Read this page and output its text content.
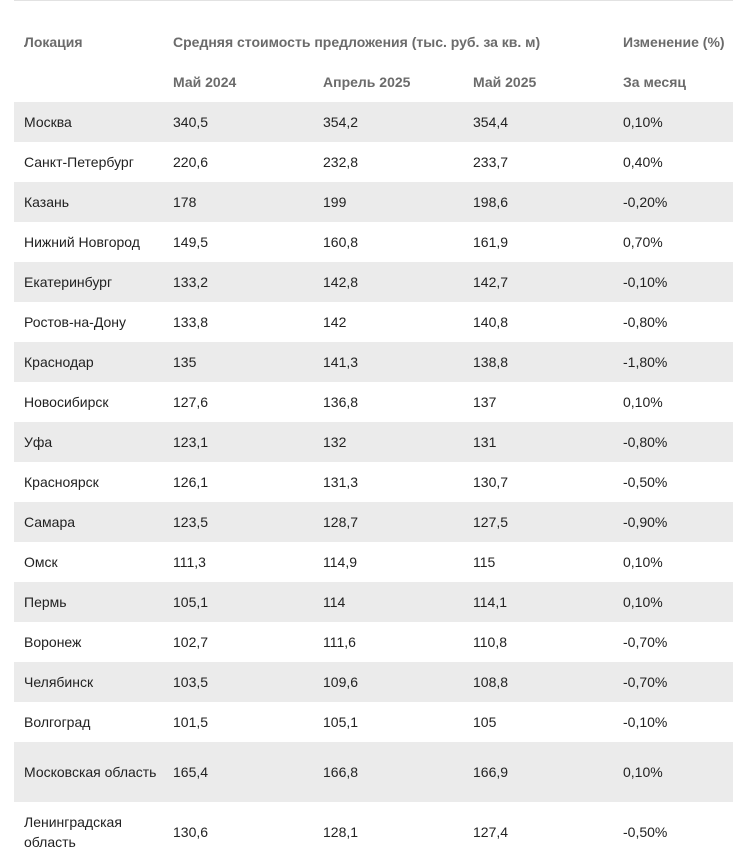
Локация	Средняя стоимость предложения (тыс. руб. за кв. м)			Изменение (%)
	Май 2024	Апрель 2025	Май 2025	За месяц
Москва	340,5	354,2	354,4	0,10%
Санкт-Петербург	220,6	232,8	233,7	0,40%
Казань	178	199	198,6	-0,20%
Нижний Новгород	149,5	160,8	161,9	0,70%
Екатеринбург	133,2	142,8	142,7	-0,10%
Ростов-на-Дону	133,8	142	140,8	-0,80%
Краснодар	135	141,3	138,8	-1,80%
Новосибирск	127,6	136,8	137	0,10%
Уфа	123,1	132	131	-0,80%
Красноярск	126,1	131,3	130,7	-0,50%
Самара	123,5	128,7	127,5	-0,90%
Омск	111,3	114,9	115	0,10%
Пермь	105,1	114	114,1	0,10%
Воронеж	102,7	111,6	110,8	-0,70%
Челябинск	103,5	109,6	108,8	-0,70%
Волгоград	101,5	105,1	105	-0,10%
Московская область	165,4	166,8	166,9	0,10%
Ленинградская область	130,6	128,1	127,4	-0,50%
